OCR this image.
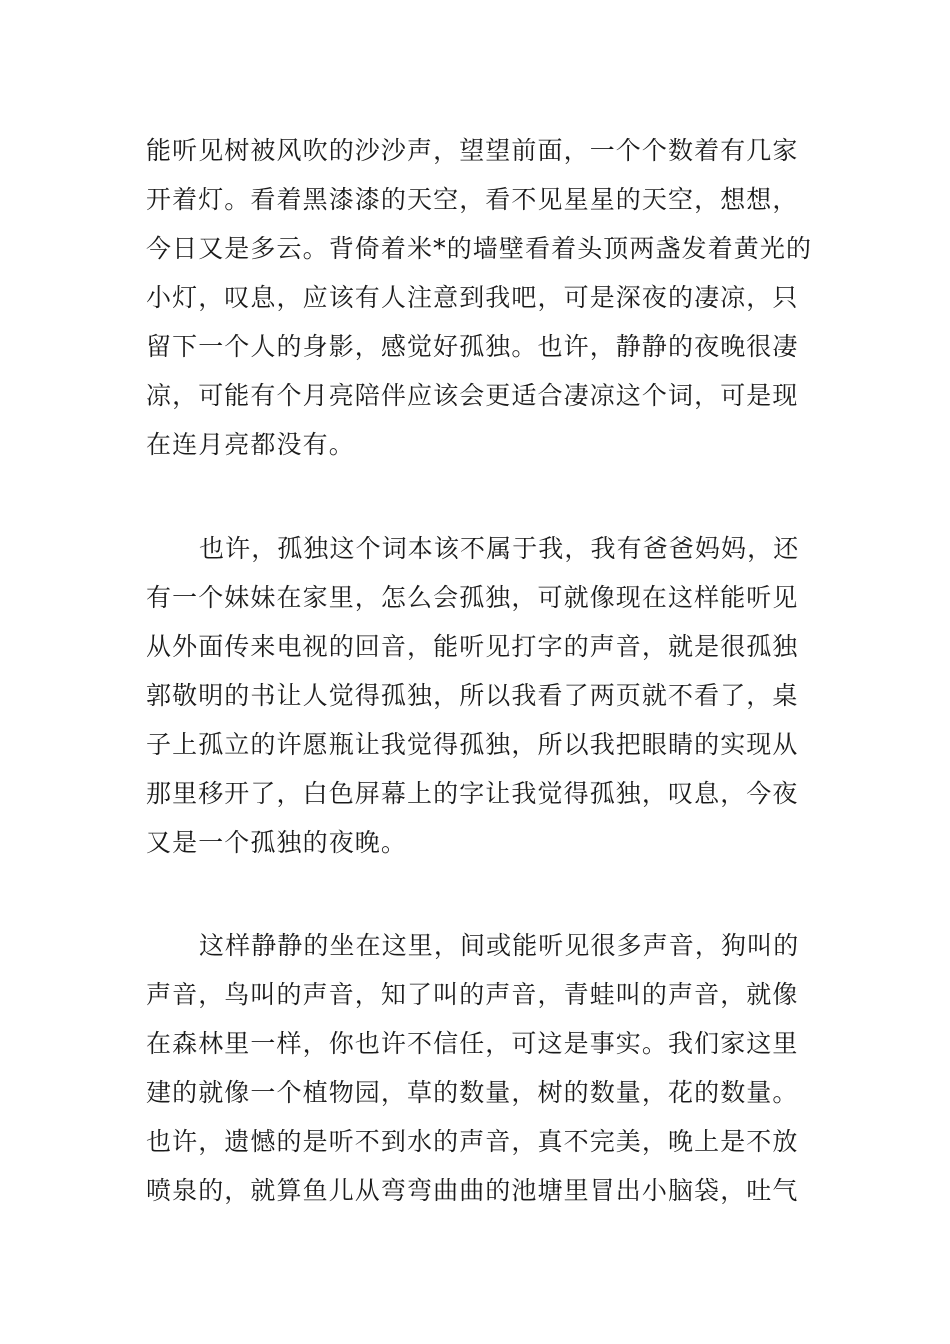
能听见树被风吹的沙沙声，望望前面，一个个数着有几家
开着灯。看着黑漆漆的天空，看不见星星的天空，想想，
今日又是多云。背倚着米*的墙壁看着头顶两盏发着黄光的
小灯，叹息，应该有人注意到我吧，可是深夜的凄凉，只
留下一个人的身影，感觉好孤独。也许，静静的夜晚很凄
凉，可能有个月亮陪伴应该会更适合凄凉这个词，可是现
在连月亮都没有。
也许，孤独这个词本该不属于我，我有爸爸妈妈，还
有一个妹妹在家里，怎么会孤独，可就像现在这样能听见
从外面传来电视的回音，能听见打字的声音，就是很孤独
郭敬明的书让人觉得孤独，所以我看了两页就不看了，桌
子上孤立的许愿瓶让我觉得孤独，所以我把眼睛的实现从
那里移开了，白色屏幕上的字让我觉得孤独，叹息，今夜
又是一个孤独的夜晚。
这样静静的坐在这里，间或能听见很多声音，狗叫的
声音，鸟叫的声音，知了叫的声音，青蛙叫的声音，就像
在森林里一样，你也许不信任，可这是事实。我们家这里
建的就像一个植物园，草的数量，树的数量，花的数量。
也许，遗憾的是听不到水的声音，真不完美，晚上是不放
喷泉的，就算鱼儿从弯弯曲曲的池塘里冒出小脑袋，吐气
